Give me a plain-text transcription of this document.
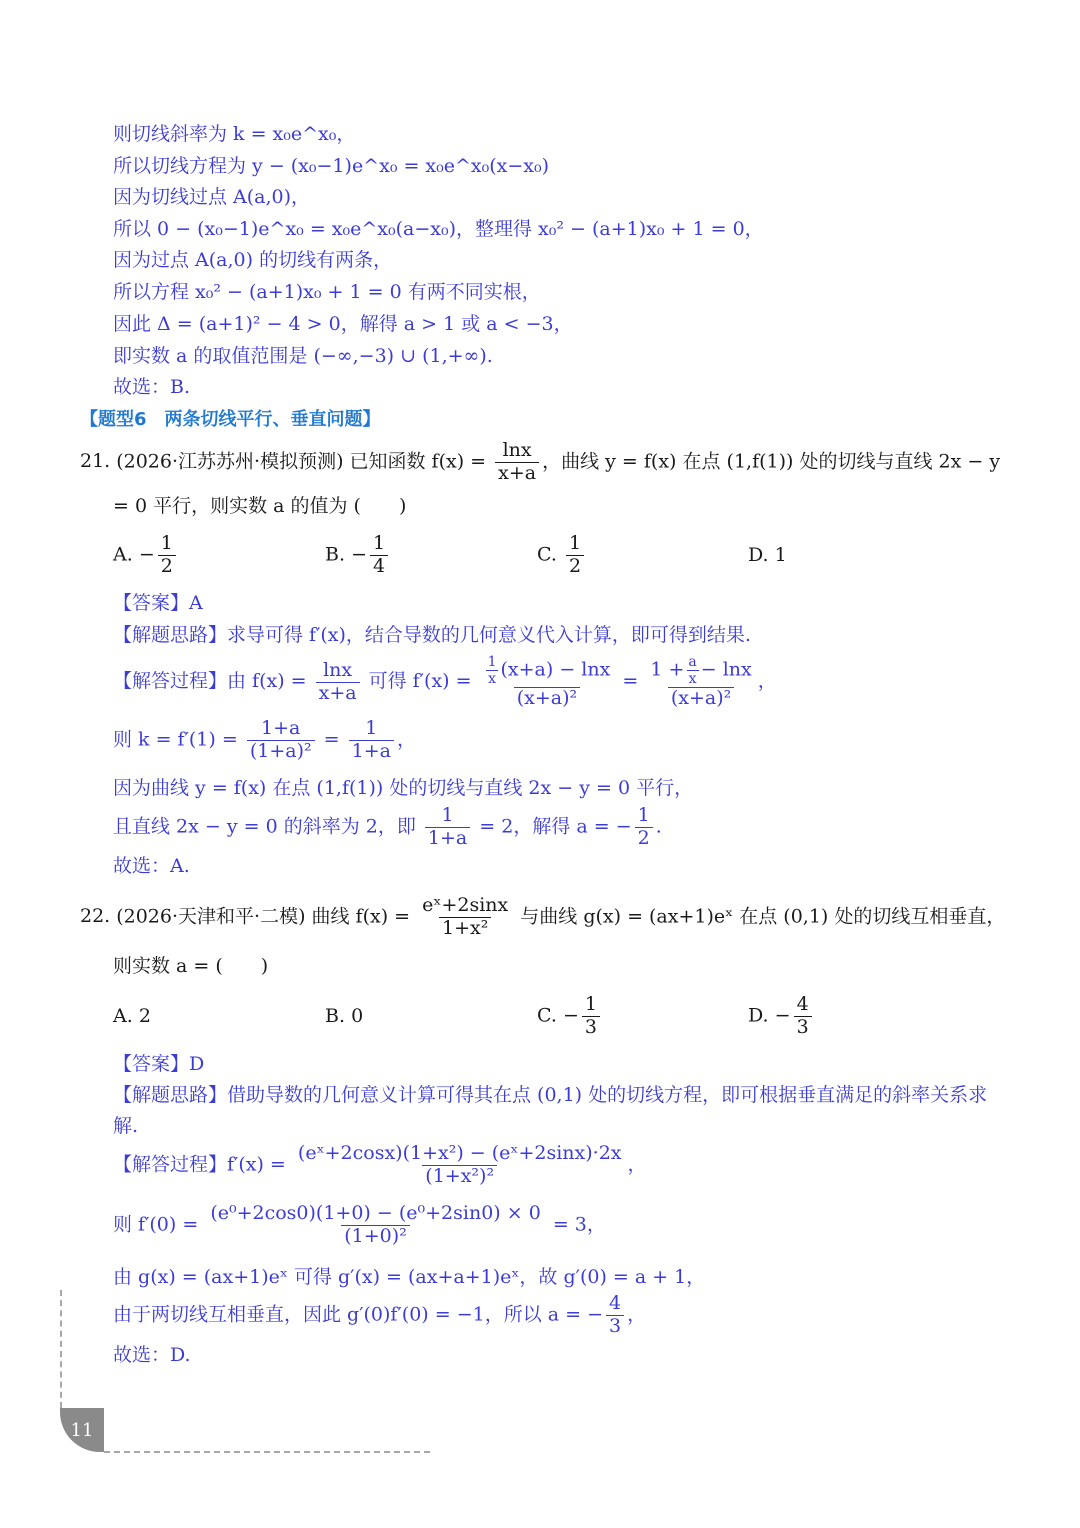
则切线斜率为 k = x₀e^x₀，
所以切线方程为 y − (x₀−1)e^x₀ = x₀e^x₀(x−x₀)
因为切线过点 A(a,0)，
所以 0 − (x₀−1)e^x₀ = x₀e^x₀(a−x₀)，整理得 x₀² − (a+1)x₀ + 1 = 0，
因为过点 A(a,0) 的切线有两条，
所以方程 x₀² − (a+1)x₀ + 1 = 0 有两不同实根，
因此 Δ = (a+1)² − 4 > 0，解得 a > 1 或 a < −3，
即实数 a 的取值范围是 (−∞,−3) ∪ (1,+∞).
故选：B.
【题型6　两条切线平行、垂直问题】
21. (2026·江苏苏州·模拟预测) 已知函数 $f(x) = \frac{\ln x}{x+a}$ ，曲线 y = f(x) 在点 (1,f(1)) 处的切线与直线 2x − y
= 0 平行，则实数 a 的值为 (　　)
A. − $\frac{1}{2}$	B. − $\frac{1}{4}$	C. $\frac{1}{2}$	D. 1
【答案】A
【解题思路】求导可得 f′(x)，结合导数的几何意义代入计算，即可得到结果.
【解答过程】由 $f(x) = \frac{\ln x}{x+a}$ 可得 $f'(x) = \frac{\frac{1}{x} (x+a) - \ln x}{\text{(x+a)²}} = \frac{1 + \frac{a}{x} - \ln x}{\text{(x+a)²}}$ ，
则 $k = f'(1) = \frac{1+a}{\text{(1+a)²}} = \frac{1}{1+a}$ ，
因为曲线 y = f(x) 在点 (1,f(1)) 处的切线与直线 2x − y = 0 平行，
且直线 2x − y = 0 的斜率为 2，即 $\frac{1}{1+a} = 2$，解得 a = − $\frac{1}{2}$ .
故选：A.
22. (2026·天津和平·二模) 曲线 $f(x) = \frac{\text{eˣ+2sinx}}{\text{1+x²}}$ 与曲线 g(x) = (ax+1)eˣ 在点 (0,1) 处的切线互相垂直，
则实数 a = (　　)
A. 2	B. 0	C. − $\frac{1}{3}$	D. − $\frac{4}{3}$
【答案】D
【解题思路】借助导数的几何意义计算可得其在点 (0,1) 处的切线方程，即可根据垂直满足的斜率关系求
解.
【解答过程】$f'(x) = \frac{\text{(eˣ+2cosx)(1+x²) − (eˣ+2sinx)·2x}}{\text{(1+x²)²}}$ ，
则 $f'(0) = \frac{\text{(e⁰+2cos0)(1+0) − (e⁰+2sin0) × 0}}{\text{(1+0)²}} = 3$，
由 g(x) = (ax+1)eˣ 可得 g′(x) = (ax+a+1)eˣ，故 g′(0) = a + 1，
由于两切线互相垂直，因此 g′(0)f′(0) = −1，所以 a = − $\frac{4}{3}$ ，
故选：D.
11
